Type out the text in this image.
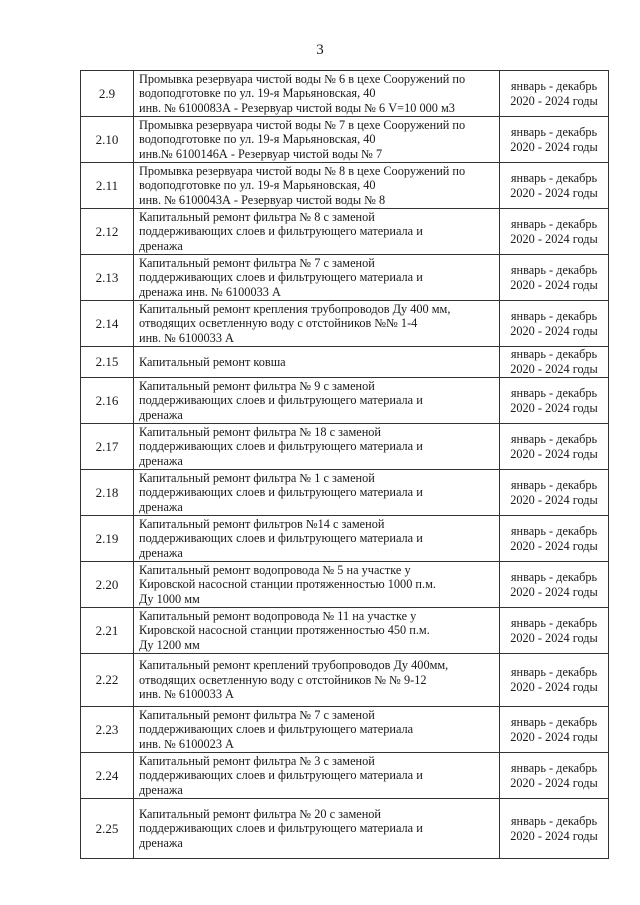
3
2.9	Промывка резервуара чистой воды № 6 в цехе Сооружений по
водоподготовке по ул. 19-я Марьяновская, 40
инв. № 6100083А - Резервуар чистой воды № 6 V=10 000 м3	январь - декабрь
2020 - 2024 годы

2.10	Промывка резервуара чистой воды № 7 в цехе Сооружений по
водоподготовке по ул. 19-я Марьяновская, 40
инв.№ 6100146А - Резервуар чистой воды № 7	январь - декабрь
2020 - 2024 годы

2.11	Промывка резервуара чистой воды № 8 в цехе Сооружений по
водоподготовке по ул. 19-я Марьяновская, 40
инв. № 6100043А - Резервуар чистой воды № 8	январь - декабрь
2020 - 2024 годы

2.12	Капитальный ремонт фильтра № 8 с заменой
поддерживающих слоев и фильтрующего материала и
дренажа	январь - декабрь
2020 - 2024 годы

2.13	Капитальный ремонт фильтра № 7 с заменой
поддерживающих слоев и фильтрующего материала и
дренажа инв. № 6100033 А	январь - декабрь
2020 - 2024 годы

2.14	Капитальный ремонт крепления трубопроводов Ду 400 мм,
отводящих осветленную воду с отстойников №№ 1-4
инв. № 6100033 А	январь - декабрь
2020 - 2024 годы

2.15	Капитальный ремонт ковша	январь - декабрь
2020 - 2024 годы

2.16	Капитальный ремонт фильтра № 9 с заменой
поддерживающих слоев и фильтрующего материала и
дренажа	январь - декабрь
2020 - 2024 годы

2.17	Капитальный ремонт фильтра № 18 с заменой
поддерживающих слоев и фильтрующего материала и
дренажа	январь - декабрь
2020 - 2024 годы

2.18	Капитальный ремонт фильтра № 1 с заменой
поддерживающих слоев и фильтрующего материала и
дренажа	январь - декабрь
2020 - 2024 годы

2.19	Капитальный ремонт фильтров №14 с заменой
поддерживающих слоев и фильтрующего материала и
дренажа	январь - декабрь
2020 - 2024 годы

2.20	Капитальный ремонт водопровода № 5 на участке у
Кировской насосной станции протяженностью 1000 п.м.
Ду 1000 мм	январь - декабрь
2020 - 2024 годы

2.21	Капитальный ремонт водопровода № 11 на участке у
Кировской насосной станции протяженностью 450 п.м.
Ду 1200 мм	январь - декабрь
2020 - 2024 годы

2.22	Капитальный ремонт креплений трубопроводов Ду 400мм,
отводящих осветленную воду с отстойников № № 9-12
инв. № 6100033 А	январь - декабрь
2020 - 2024 годы

2.23	Капитальный ремонт фильтра № 7 с заменой
поддерживающих слоев и фильтрующего материала
инв. № 6100023 А	январь - декабрь
2020 - 2024 годы

2.24	Капитальный ремонт фильтра № 3 с заменой
поддерживающих слоев и фильтрующего материала и
дренажа	январь - декабрь
2020 - 2024 годы

2.25	Капитальный ремонт фильтра № 20 с заменой
поддерживающих слоев и фильтрующего материала и
дренажа	январь - декабрь
2020 - 2024 годы
